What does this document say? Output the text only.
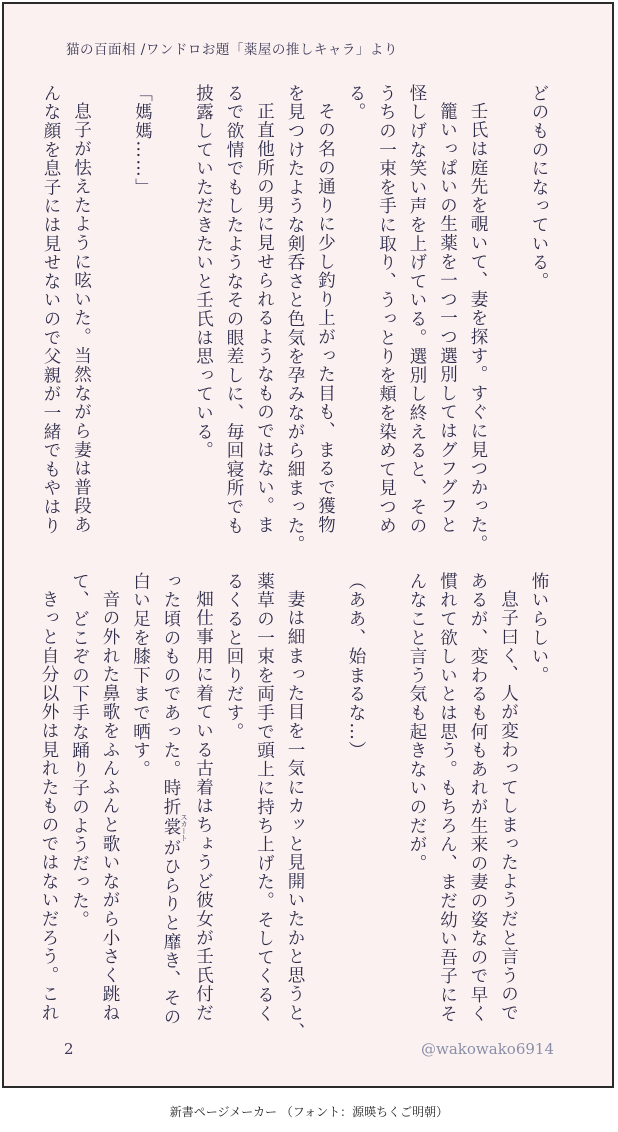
猫の百面相 /ワンドロお題「薬屋の推しキャラ」より

どのものになっている。

壬氏は庭先を覗いて、妻を探す。すぐに見つかった。

籠いっぱいの生薬を一つ一つ選別してはグフグフと

怪しげな笑い声を上げている。選別し終えると、その

うちの一束を手に取り、うっとりを頬を染めて見つめ

る。

その名の通りに少し釣り上がった目も、まるで獲物

を見つけたような剣呑さと色気を孕みながら細まった。

正直他所の男に見せられるようなものではない。ま

るで欲情でもしたようなその眼差しに、毎回寝所でも

披露していただきたいと壬氏は思っている。

「媽媽……」

息子が怯えたように呟いた。当然ながら妻は普段あ

んな顔を息子には見せないので父親が一緒でもやはり

怖いらしい。

息子曰く、人が変わってしまったようだと言うので

あるが、変わるも何もあれが生来の妻の姿なので早く

慣れて欲しいとは思う。もちろん、まだ幼い吾子にそ

んなこと言う気も起きないのだが。

（ああ、始まるな…）

妻は細まった目を一気にカッと見開いたかと思うと、

薬草の一束を両手で頭上に持ち上げた。そしてくるく

るくると回りだす。

畑仕事用に着ている古着はちょうど彼女が壬氏付だ

った頃のものであった。時折裳 スカートがひらりと靡き、その

白い足を膝下まで晒す。

音の外れた鼻歌をふんふんと歌いながら小さく跳ね

て、どこぞの下手な踊り子のようだった。

きっと自分以外は見れたものではないだろう。これ

2	@wakowako6914
新書ページメーカー （フォント：源暎ちくご明朝）
